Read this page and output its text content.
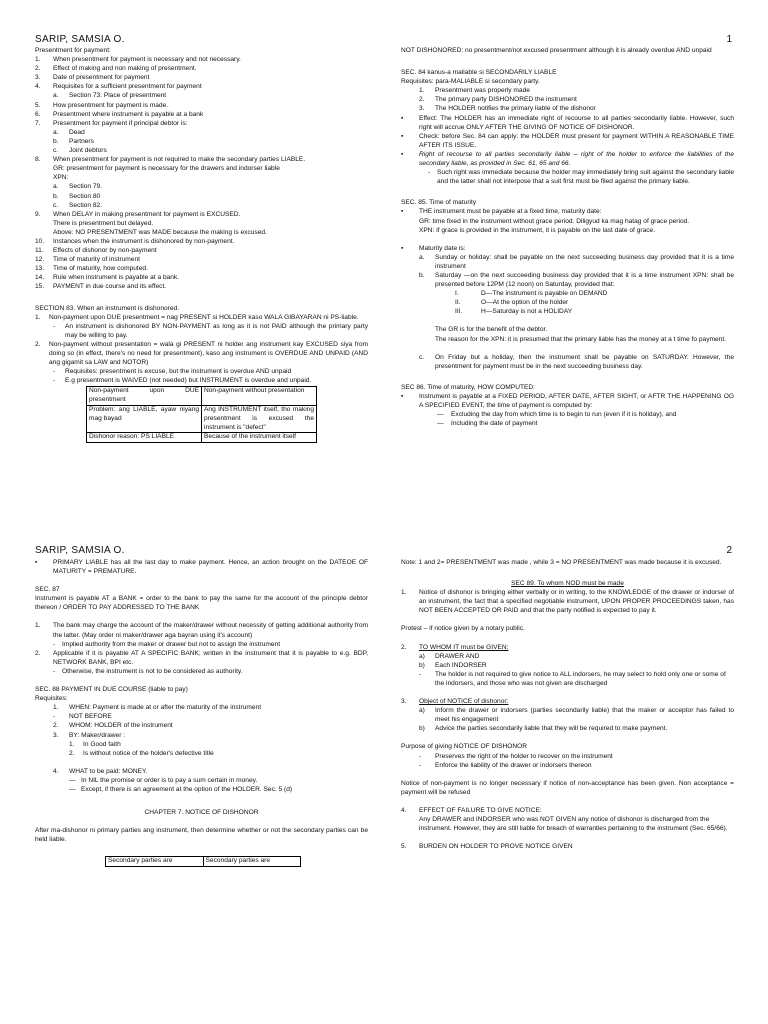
SARIP, SAMSIA O.	1

Presentment for payment:

1.	When presentment for payment is necessary and not necessary.
2.	Effect of making and non making of presentment.
3.	Date of presentment for payment
4.	Requisites for a sufficient presentment for payment
a.	Section 73. Place of presentment
5.	How presentment for payment is made.
6.	Presentment where instrument is payable at a bank
7.	Presentment for payment if principal debtor is:
a.	Dead
b.	Partners
c.	Joint debtors
8.	When presentment for payment is not required to make the secondary parties LIABLE.
GR: presentment for payment is necessary for the drawers and indorser liable
XPN:
a.	Section 79.
b.	Section 80
c.	Section 82.
9.	When DELAY in making presentment for payment is EXCUSED.
There is presentment but delayed.
Above: NO PRESENTMENT was MADE because the making is excused.
10.	Instances when the instrument is dishonored by non-payment.
11.	Effects of dishonor by non-payment
12.	Time of maturity of instrument
13.	Time of maturity, how computed.
14.	Rule when instrument is payable at a bank.
15.	PAYMENT in due course and its effect.

SECTION 83. When an instrument is dishonored.

1.	Non-payment upon DUE presentment = nag PRESENT si HOLDER kaso WALA GIBAYARAN ni PS-liable.
-	An instrument is dishonored BY NON-PAYMENT as long as it is not PAID although the primary party may be willing to pay.
2.	Non-payment without presentation = wala gi PRESENT ni holder ang instrument kay EXCUSED siya from doing so (in effect, there's no need for presentment), kaso ang instrument is OVERDUE AND UNPAID (AND ang gigamit sa LAW and NOTOR)
-	Requisites: presentment is excuse, but the instrument is overdue AND unpaid
-	E.g presentment is WAIVED (not needed) but INSTRUMENT is overdue and unpaid.
Non-payment upon DUE presentment	Non-payment without presentation
Problem: ang LIABLE, ayaw niyang mag bayad	Ang INSTRUMENT itself, tho making presentment is excused the instrument is "defect"
Dishonor reason: PS LIABLE	Because of the instrument itself

NOT DISHONORED: no presentment/not excused presentment although it is already overdue AND unpaid

SEC. 84 kanus-a maliable si SECONDARILY LIABLE

Requisites: para-MALIABLE si secondary party.

1.	Presentment was properly made
2.	The primary party DISHONORED the instrument
3.	The HOLDER notifies the primary liable of the dishonor
▪	Effect: The HOLDER has an immediate right of recourse to all parties secondarily liable. However, such right will accrue ONLY AFTER THE GIVING OF NOTICE OF DISHONOR.
▪	Check: before Sec. 84 can apply: the HOLDER must present for payment WITHIN A REASONABLE TIME AFTER ITS ISSUE.
▪	Right of recourse to all parties secondarily liable – right of the holder to enforce the liabilities of the secondary liable, as provided in Sec. 61, 65 and 66.
-	Such right was immediate because the holder may immediately bring suit against the secondary liable and the latter shall not interpose that a suit first must be filed against the primary liable.

SEC. 85. Time of maturity

▪	THE instrument must be payable at a fixed time, maturity date:
GR: time fixed in the instrument without grace period. Diligyud ka mag hatag of grace period.
XPN: if grace is provided in the instrument, it is payable on the last date of grace.
▪	Maturity date is:
a.	Sunday or holiday: shall be payable on the next succeeding business day provided that it is a time instrument
b.	Saturday —on the next succeeding business day provided that it is a time instrument XPN: shall be presented before 12PM (12 noon) on Saturday, provided that:
I.	D—The instrument is payable on DEMAND
II.	O—At the option of the holder
III.	H—Saturday is not a HOLIDAY

The GR is for the benefit of the debtor.

The reason for the XPN: it is presumed that the primary liable has the money at a t time fo payment.

c.	On Friday but a holiday, then the instrument shall be payable on SATURDAY. However, the presentment for payment must be in the next succeeding business day.

SEC 86. Time of maturity, HOW COMPUTED:

▪	Instrument is payable at a FIXED PERIOD, AFTER DATE, AFTER SIGHT, or AFTR THE HAPPENING OG A SPECIFIED EVENT, the time of payment is computed by:
—	Excluding the day from which time is to begin to run (even if it is holiday), and
—	Including the date of payment
SARIP, SAMSIA O.	2
▪	PRIMARY LIABLE has all the last day to make payment. Hence, an action brought on the DATEOE OF MATURITY = PREMATURE.

SEC. 87

Instrument is payable AT a BANK = order to the bank to pay the same for the account of the principle debtor thereon / ORDER TO PAY ADDRESSED TO THE BANK

1.	The bank may charge the account of the maker/drawer without necessity of getting additional authority from the latter. (May order ni maker/drawer aga bayran using it's account)
-	Implied authority from the maker or drawer but not to assign the instrument
2.	Applicable if it is payable AT A SPECIFIC BANK; written in the instrument that it is payable to e.g. BDP, NETWORK BANK, BPI etc.
-	Otherwise, the instrument is not to be considered as authority.

SEC. 88 PAYMENT IN DUE COURSE (liable to pay)

Requisites:

1.	WHEN: Payment is made at or after the maturity of the instrument
-	NOT BEFORE
2.	WHOM: HOLDER of the instrument
3.	BY: Maker/drawer :
1.	In Good faith
2.	Is without notice of the holder's defective title
4.	WHAT to be paid: MONEY.
— In NIL the promise or order is to pay a sum certain in money.
— Except, if there is an agreement at the option of the HOLDER. Sec. 5 (d)

CHAPTER 7. NOTICE OF DISHONOR

After ma-dishonor ni primary parties ang instrument, then determine whether or not the secondary parties can be held liable.

Secondary parties are	Secondary parties are

Note: 1 and 2= PRESENTMENT was made , while 3 = NO PRESENTMENT was made because it is excused.

SEC 89. To whom NOD must be made

1.	Notice of dishonor is bringing either verbally or in writing, to the KNOWLEDGE of the drawer or indorser of an instrument, the fact that a specified negotiable instrument, UPON PROPER PROCEEDINGS taken, has NOT BEEN ACCEPTED OR PAID and that the party notified is expected to pay it.

Protest – if notice given by a notary public.

2.	TO WHOM IT must be GIVEN:
a)	DRAWER AND
b)	Each INDORSER
-	The holder is not required to give notice to ALL indorsers, he may select to hold only one or some of the indorsers, and those who was not given are discharged
3.	Object of NOTICE of dishonor:
a)	Inform the drawer or indorsers (parties secondarily liable) that the maker or acceptor has failed to meet his engagement
b)	Advice the parties secondarily liable that they will be required to make payment.

Purpose of giving NOTICE OF DISHONOR

-	Preserves the right of the holder to recover on the instrument
-	Enforce the liability of the drawer or indorsers thereon

Notice of non-payment is no longer necessary if notice of non-acceptance has been given. Non acceptance = payment will be refused

4.	EFFECT OF FAILURE TO GIVE NOTICE:

Any DRAWER and INDORSER who was NOT GIVEN any notice of dishonor is discharged from the instrument. However, they are still liable for breach of warranties pertaining to the instrument (Sec. 65/66).

5.	BURDEN ON HOLDER TO PROVE NOTICE GIVEN
